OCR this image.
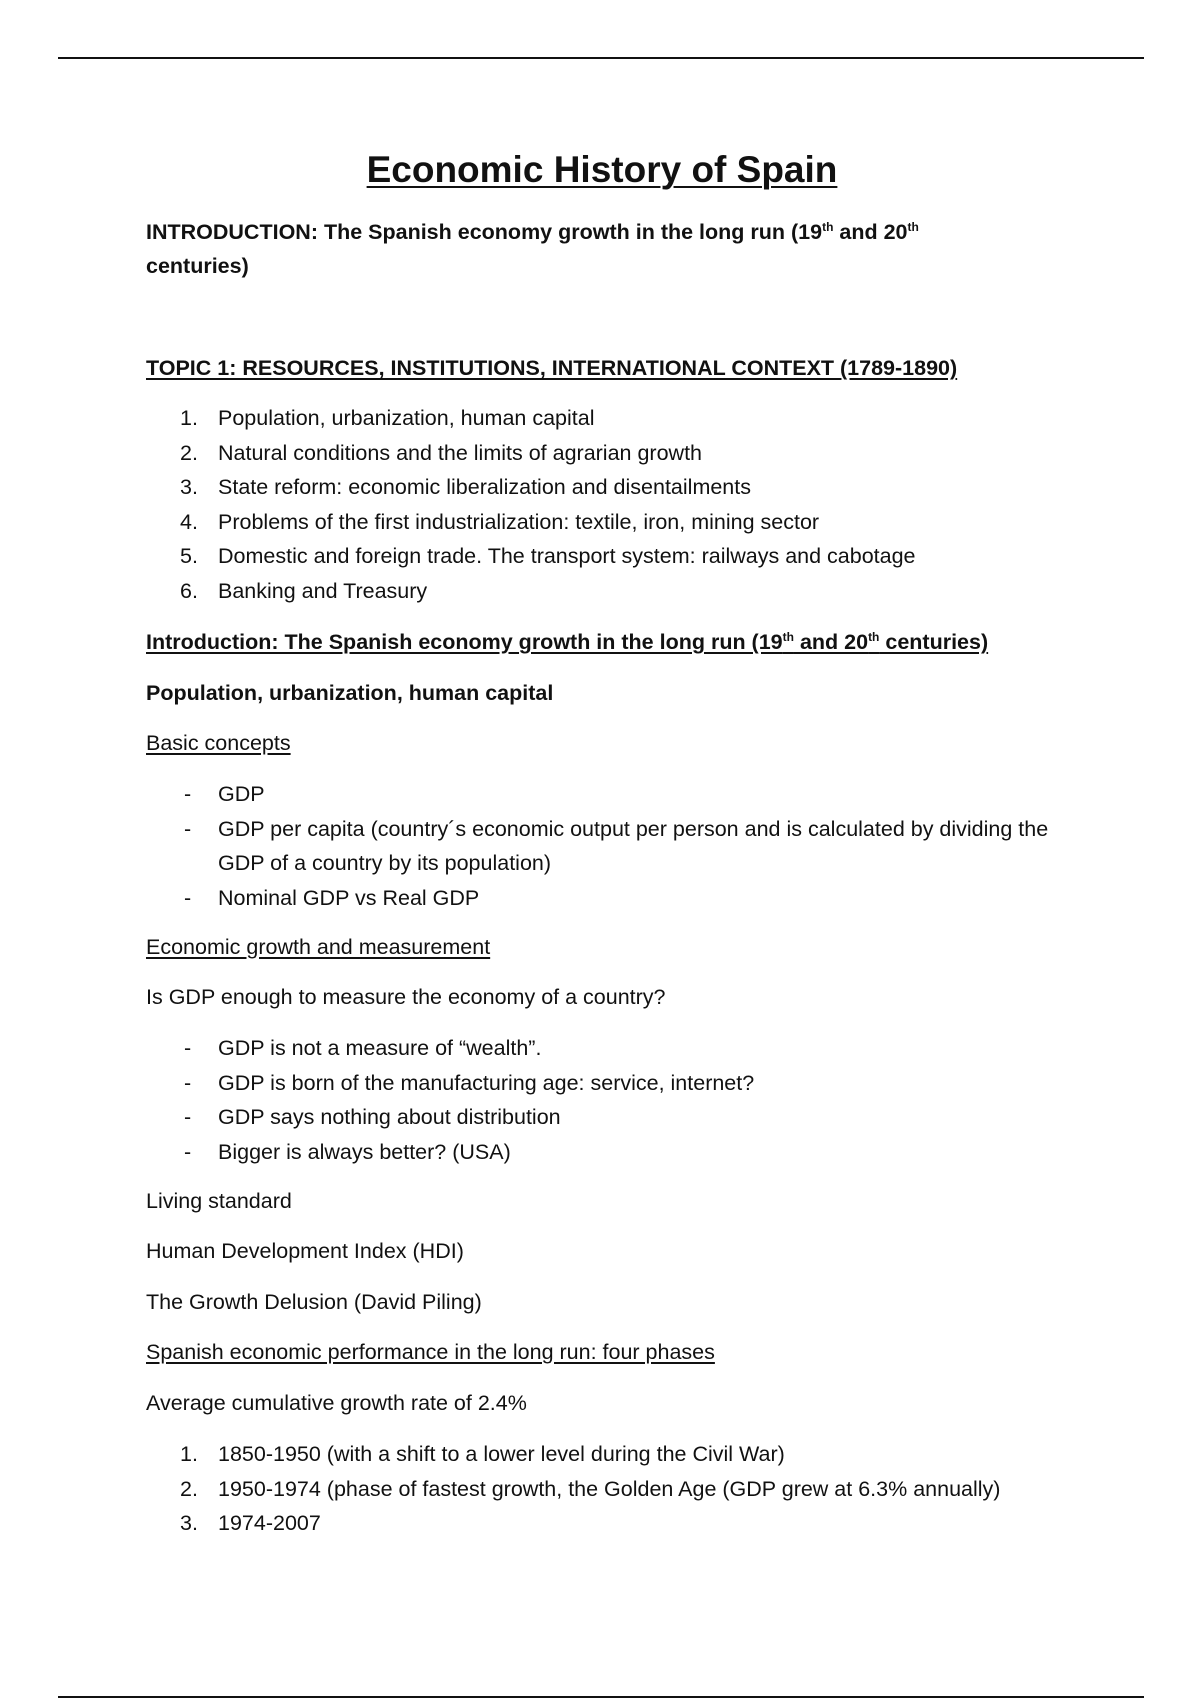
Economic History of Spain

INTRODUCTION: The Spanish economy growth in the long run (19th and 20th
centuries)

TOPIC 1: RESOURCES, INSTITUTIONS, INTERNATIONAL CONTEXT (1789-1890)

1. Population, urbanization, human capital
2. Natural conditions and the limits of agrarian growth
3. State reform: economic liberalization and disentailments
4. Problems of the first industrialization: textile, iron, mining sector
5. Domestic and foreign trade. The transport system: railways and cabotage
6. Banking and Treasury

Introduction: The Spanish economy growth in the long run (19th and 20th centuries)

Population, urbanization, human capital

Basic concepts

- GDP
- GDP per capita (country´s economic output per person and is calculated by dividing the GDP of a country by its population)
- Nominal GDP vs Real GDP

Economic growth and measurement

Is GDP enough to measure the economy of a country?

- GDP is not a measure of “wealth”.
- GDP is born of the manufacturing age: service, internet?
- GDP says nothing about distribution
- Bigger is always better? (USA)

Living standard

Human Development Index (HDI)

The Growth Delusion (David Piling)

Spanish economic performance in the long run: four phases

Average cumulative growth rate of 2.4%

1. 1850-1950 (with a shift to a lower level during the Civil War)
2. 1950-1974 (phase of fastest growth, the Golden Age (GDP grew at 6.3% annually)
3. 1974-2007
